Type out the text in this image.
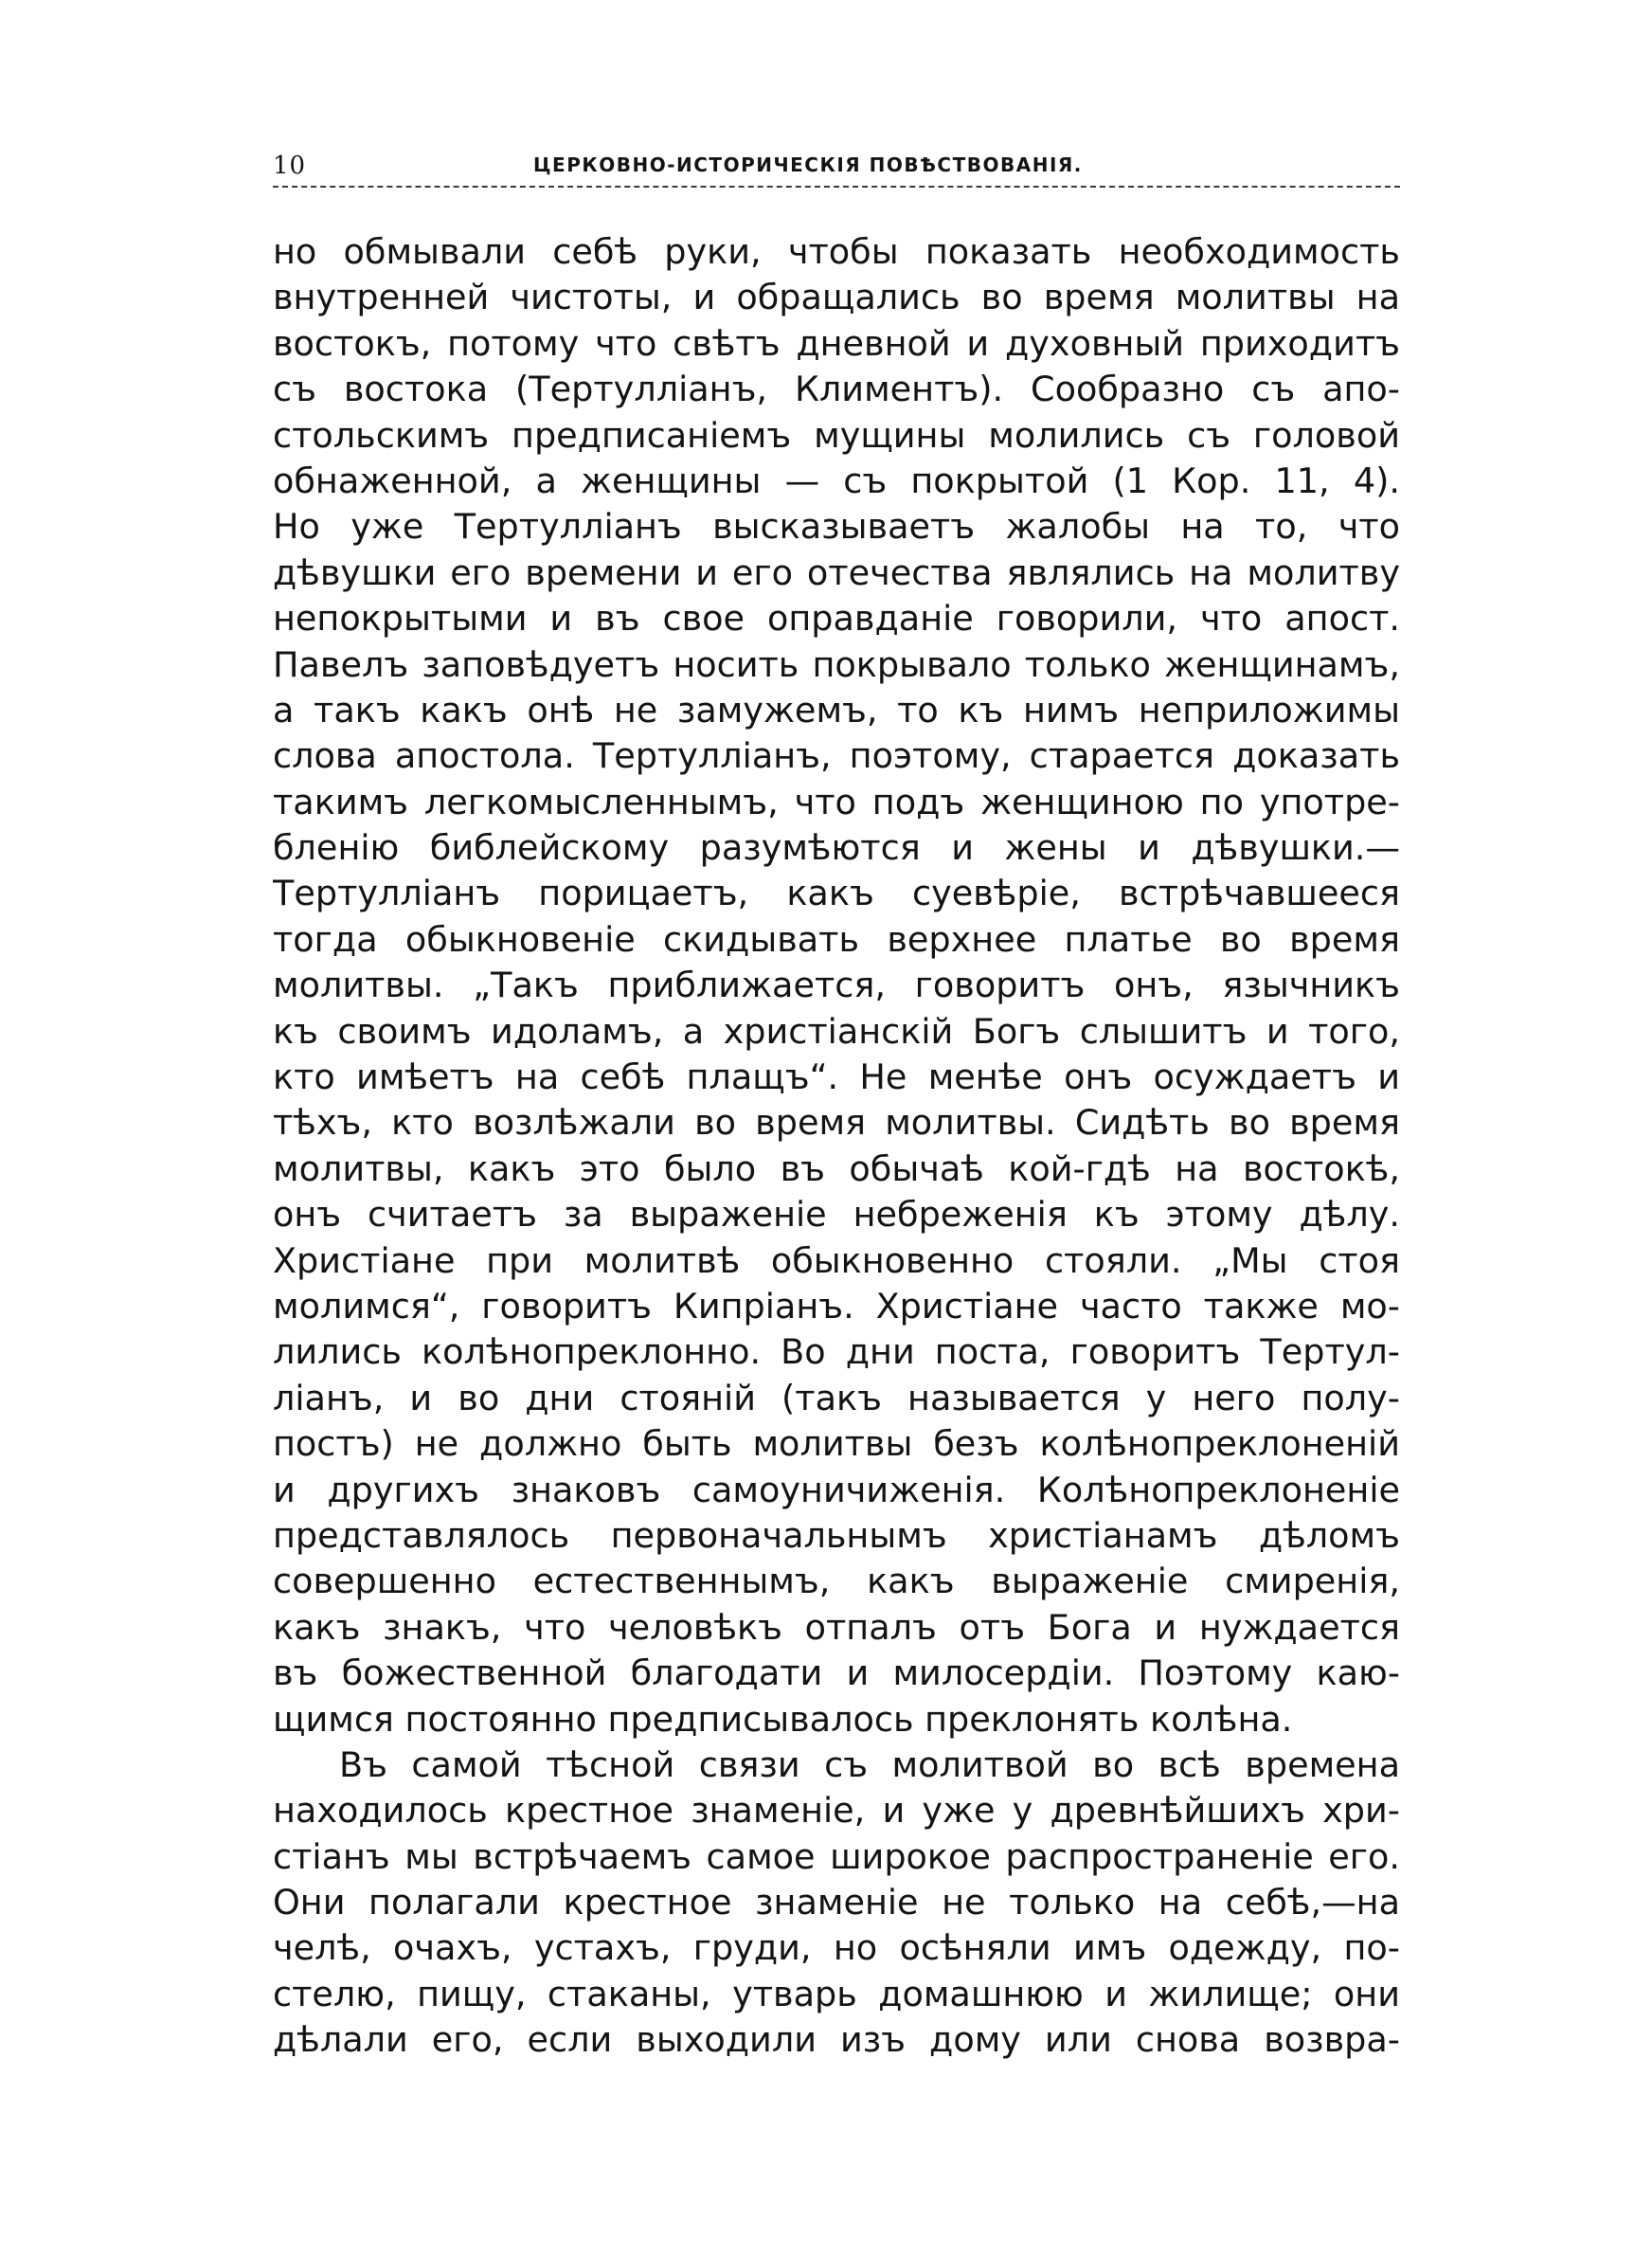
10	ЦЕРКОВНО-ИСТОРИЧЕСКІЯ ПОВѢСТВОВАНІЯ.
но обмывали себѣ руки, чтобы показать необходимость
внутренней чистоты, и обращались во время молитвы на
востокъ, потому что свѣтъ дневной и духовный приходитъ
съ востока (Тертулліанъ, Климентъ). Сообразно съ апо-
стольскимъ предписаніемъ мущины молились съ головой
обнаженной, а женщины — съ покрытой (1 Кор. 11, 4).
Но уже Тертулліанъ высказываетъ жалобы на то, что
дѣвушки его времени и его отечества являлись на молитву
непокрытыми и въ свое оправданіе говорили, что апост.
Павелъ заповѣдуетъ носить покрывало только женщинамъ,
а такъ какъ онѣ не замужемъ, то къ нимъ неприложимы
слова апостола. Тертулліанъ, поэтому, старается доказать
такимъ легкомысленнымъ, что подъ женщиною по употре-
бленію библейскому разумѣются и жены и дѣвушки.—
Тертулліанъ порицаетъ, какъ суевѣріе, встрѣчавшееся
тогда обыкновеніе скидывать верхнее платье во время
молитвы. „Такъ приближается, говоритъ онъ, язычникъ
къ своимъ идоламъ, а христіанскій Богъ слышитъ и того,
кто имѣетъ на себѣ плащъ“. Не менѣе онъ осуждаетъ и
тѣхъ, кто возлѣжали во время молитвы. Сидѣть во время
молитвы, какъ это было въ обычаѣ кой-гдѣ на востокѣ,
онъ считаетъ за выраженіе небреженія къ этому дѣлу.
Христіане при молитвѣ обыкновенно стояли. „Мы стоя
молимся“, говоритъ Кипріанъ. Христіане часто также мо-
лились колѣнопреклонно. Во дни поста, говоритъ Тертул-
ліанъ, и во дни стояній (такъ называется у него полу-
постъ) не должно быть молитвы безъ колѣнопреклоненій
и другихъ знаковъ самоуничиженія. Колѣнопреклоненіе
представлялось первоначальнымъ христіанамъ дѣломъ
совершенно естественнымъ, какъ выраженіе смиренія,
какъ знакъ, что человѣкъ отпалъ отъ Бога и нуждается
въ божественной благодати и милосердіи. Поэтому каю-
щимся постоянно предписывалось преклонять колѣна.
Въ самой тѣсной связи съ молитвой во всѣ времена
находилось крестное знаменіе, и уже у древнѣйшихъ хри-
стіанъ мы встрѣчаемъ самое широкое распространеніе его.
Они полагали крестное знаменіе не только на себѣ,—на
челѣ, очахъ, устахъ, груди, но осѣняли имъ одежду, по-
стелю, пищу, стаканы, утварь домашнюю и жилище; они
дѣлали его, если выходили изъ дому или снова возвра-
